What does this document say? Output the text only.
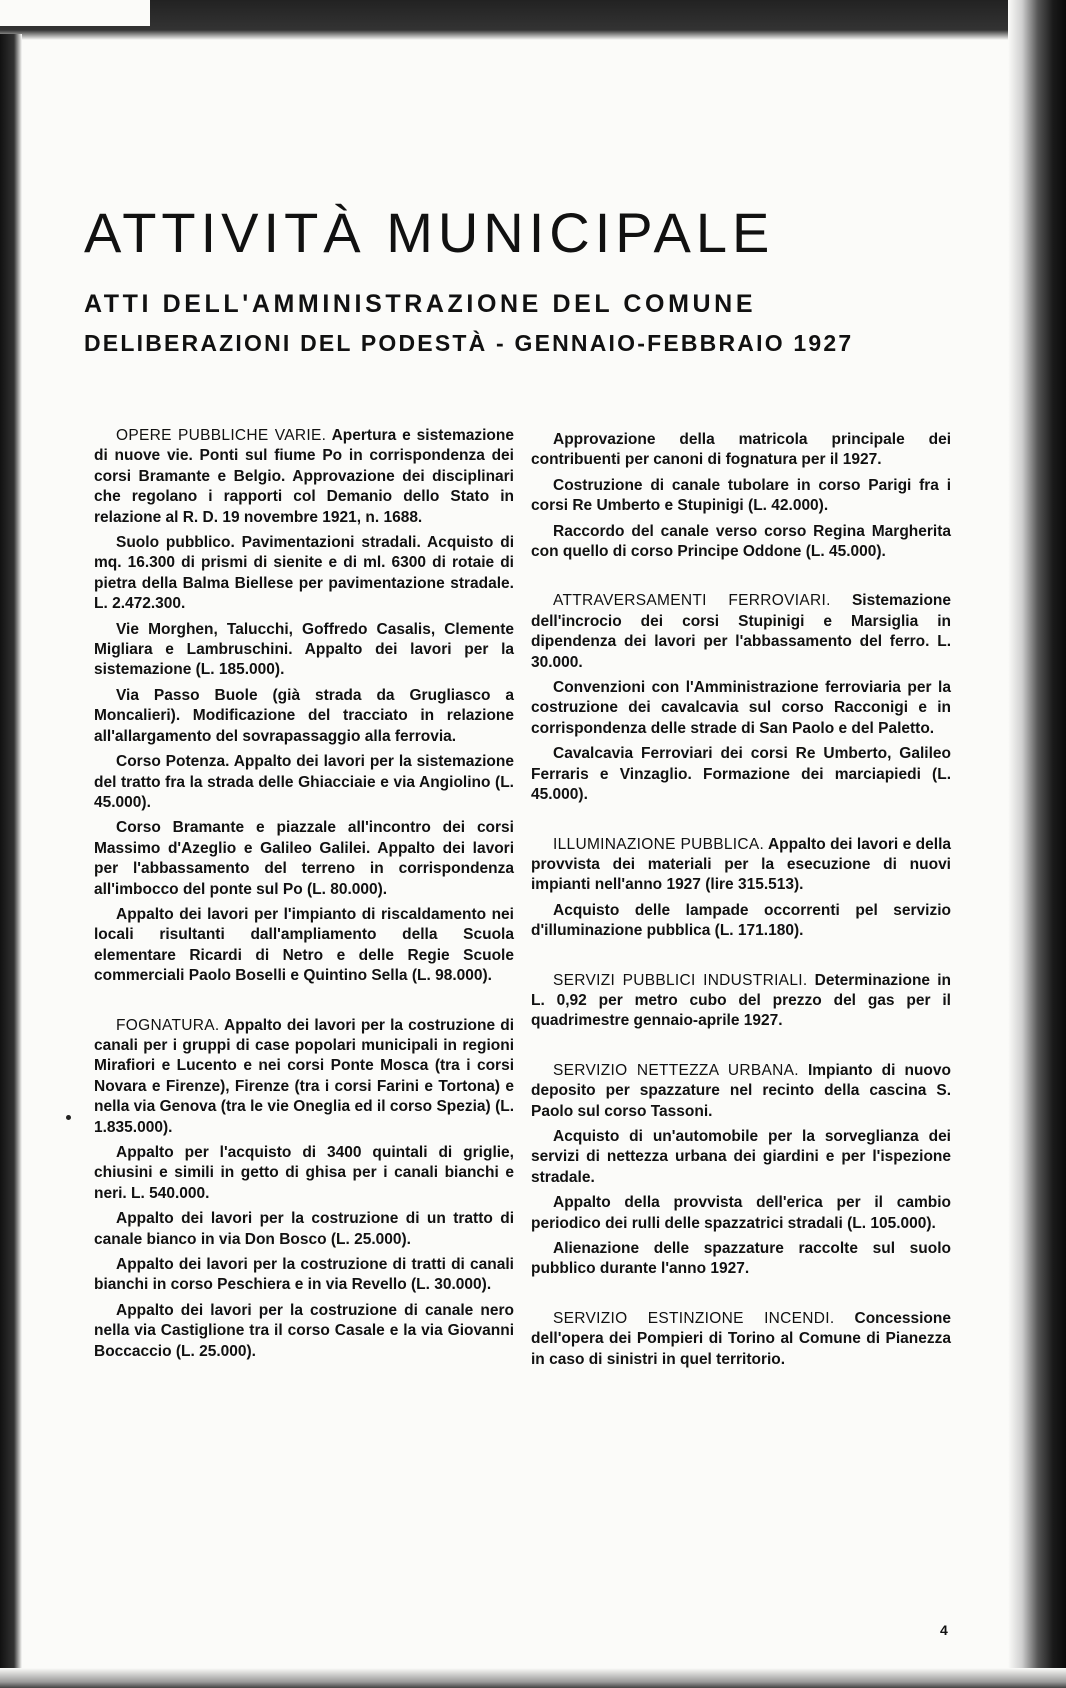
ATTIVITÀ MUNICIPALE
ATTI DELL'AMMINISTRAZIONE DEL COMUNE
DELIBERAZIONI DEL PODESTÀ - GENNAIO-FEBBRAIO 1927

OPERE PUBBLICHE VARIE. Apertura e sistemazione di nuove vie. Ponti sul fiume Po in corrispondenza dei corsi Bramante e Belgio. Approvazione dei disciplinari che regolano i rapporti col Demanio dello Stato in relazione al R. D. 19 novembre 1921, n. 1688.

Suolo pubblico. Pavimentazioni stradali. Acquisto di mq. 16.300 di prismi di sienite e di ml. 6300 di rotaie di pietra della Balma Biellese per pavimentazione stradale. L. 2.472.300.

Vie Morghen, Talucchi, Goffredo Casalis, Clemente Migliara e Lambruschini. Appalto dei lavori per la sistemazione (L. 185.000).

Via Passo Buole (già strada da Grugliasco a Moncalieri). Modificazione del tracciato in relazione all'allargamento del sovrapassaggio alla ferrovia.

Corso Potenza. Appalto dei lavori per la sistemazione del tratto fra la strada delle Ghiacciaie e via Angiolino (L. 45.000).

Corso Bramante e piazzale all'incontro dei corsi Massimo d'Azeglio e Galileo Galilei. Appalto dei lavori per l'abbassamento del terreno in corrispondenza all'imbocco del ponte sul Po (L. 80.000).

Appalto dei lavori per l'impianto di riscaldamento nei locali risultanti dall'ampliamento della Scuola elementare Ricardi di Netro e delle Regie Scuole commerciali Paolo Boselli e Quintino Sella (L. 98.000).

FOGNATURA. Appalto dei lavori per la costruzione di canali per i gruppi di case popolari municipali in regioni Mirafiori e Lucento e nei corsi Ponte Mosca (tra i corsi Novara e Firenze), Firenze (tra i corsi Farini e Tortona) e nella via Genova (tra le vie Oneglia ed il corso Spezia) (L. 1.835.000).

Appalto per l'acquisto di 3400 quintali di griglie, chiusini e simili in getto di ghisa per i canali bianchi e neri. L. 540.000.

Appalto dei lavori per la costruzione di un tratto di canale bianco in via Don Bosco (L. 25.000).

Appalto dei lavori per la costruzione di tratti di canali bianchi in corso Peschiera e in via Revello (L. 30.000).

Appalto dei lavori per la costruzione di canale nero nella via Castiglione tra il corso Casale e la via Giovanni Boccaccio (L. 25.000).

Approvazione della matricola principale dei contribuenti per canoni di fognatura per il 1927.

Costruzione di canale tubolare in corso Parigi fra i corsi Re Umberto e Stupinigi (L. 42.000).

Raccordo del canale verso corso Regina Margherita con quello di corso Principe Oddone (L. 45.000).

ATTRAVERSAMENTI FERROVIARI. Sistemazione dell'incrocio dei corsi Stupinigi e Marsiglia in dipendenza dei lavori per l'abbassamento del ferro. L. 30.000.

Convenzioni con l'Amministrazione ferroviaria per la costruzione dei cavalcavia sul corso Racconigi e in corrispondenza delle strade di San Paolo e del Paletto.

Cavalcavia Ferroviari dei corsi Re Umberto, Galileo Ferraris e Vinzaglio. Formazione dei marciapiedi (L. 45.000).

ILLUMINAZIONE PUBBLICA. Appalto dei lavori e della provvista dei materiali per la esecuzione di nuovi impianti nell'anno 1927 (lire 315.513).

Acquisto delle lampade occorrenti pel servizio d'illuminazione pubblica (L. 171.180).

SERVIZI PUBBLICI INDUSTRIALI. Determinazione in L. 0,92 per metro cubo del prezzo del gas per il quadrimestre gennaio-aprile 1927.

SERVIZIO NETTEZZA URBANA. Impianto di nuovo deposito per spazzature nel recinto della cascina S. Paolo sul corso Tassoni.

Acquisto di un'automobile per la sorveglianza dei servizi di nettezza urbana dei giardini e per l'ispezione stradale.

Appalto della provvista dell'erica per il cambio periodico dei rulli delle spazzatrici stradali (L. 105.000).

Alienazione delle spazzature raccolte sul suolo pubblico durante l'anno 1927.

SERVIZIO ESTINZIONE INCENDI. Concessione dell'opera dei Pompieri di Torino al Comune di Pianezza in caso di sinistri in quel territorio.

4
